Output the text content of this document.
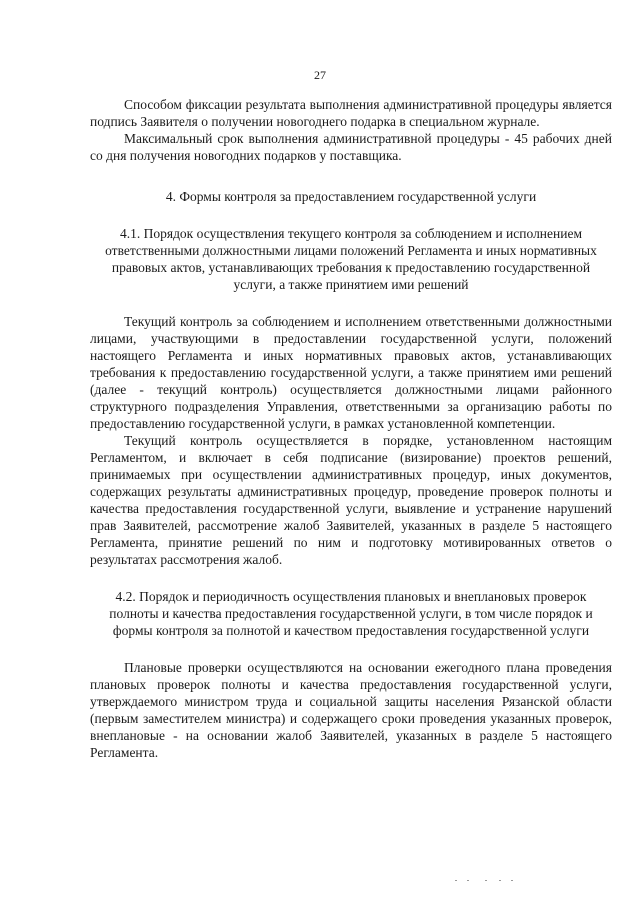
27

Способом фиксации результата выполнения административной процедуры является подпись Заявителя о получении новогоднего подарка в специальном журнале.

Максимальный срок выполнения административной процедуры - 45 рабочих дней со дня получения новогодних подарков у поставщика.

4. Формы контроля за предоставлением государственной услуги

4.1. Порядок осуществления текущего контроля за соблюдением и исполнением ответственными должностными лицами положений Регламента и иных нормативных правовых актов, устанавливающих требования к предоставлению государственной услуги, а также принятием ими решений

Текущий контроль за соблюдением и исполнением ответственными должностными лицами, участвующими в предоставлении государственной услуги, положений настоящего Регламента и иных нормативных правовых актов, устанавливающих требования к предоставлению государственной услуги, а также принятием ими решений (далее - текущий контроль) осуществляется должностными лицами районного структурного подразделения Управления, ответственными за организацию работы по предоставлению государственной услуги, в рамках установленной компетенции.

Текущий контроль осуществляется в порядке, установленном настоящим Регламентом, и включает в себя подписание (визирование) проектов решений, принимаемых при осуществлении административных процедур, иных документов, содержащих результаты административных процедур, проведение проверок полноты и качества предоставления государственной услуги, выявление и устранение нарушений прав Заявителей, рассмотрение жалоб Заявителей, указанных в разделе 5 настоящего Регламента, принятие решений по ним и подготовку мотивированных ответов о результатах рассмотрения жалоб.

4.2. Порядок и периодичность осуществления плановых и внеплановых проверок полноты и качества предоставления государственной услуги, в том числе порядок и формы контроля за полнотой и качеством предоставления государственной услуги

Плановые проверки осуществляются на основании ежегодного плана проведения плановых проверок полноты и качества предоставления государственной услуги, утверждаемого министром труда и социальной защиты населения Рязанской области (первым заместителем министра) и содержащего сроки проведения указанных проверок, внеплановые - на основании жалоб Заявителей, указанных в разделе 5 настоящего Регламента.
